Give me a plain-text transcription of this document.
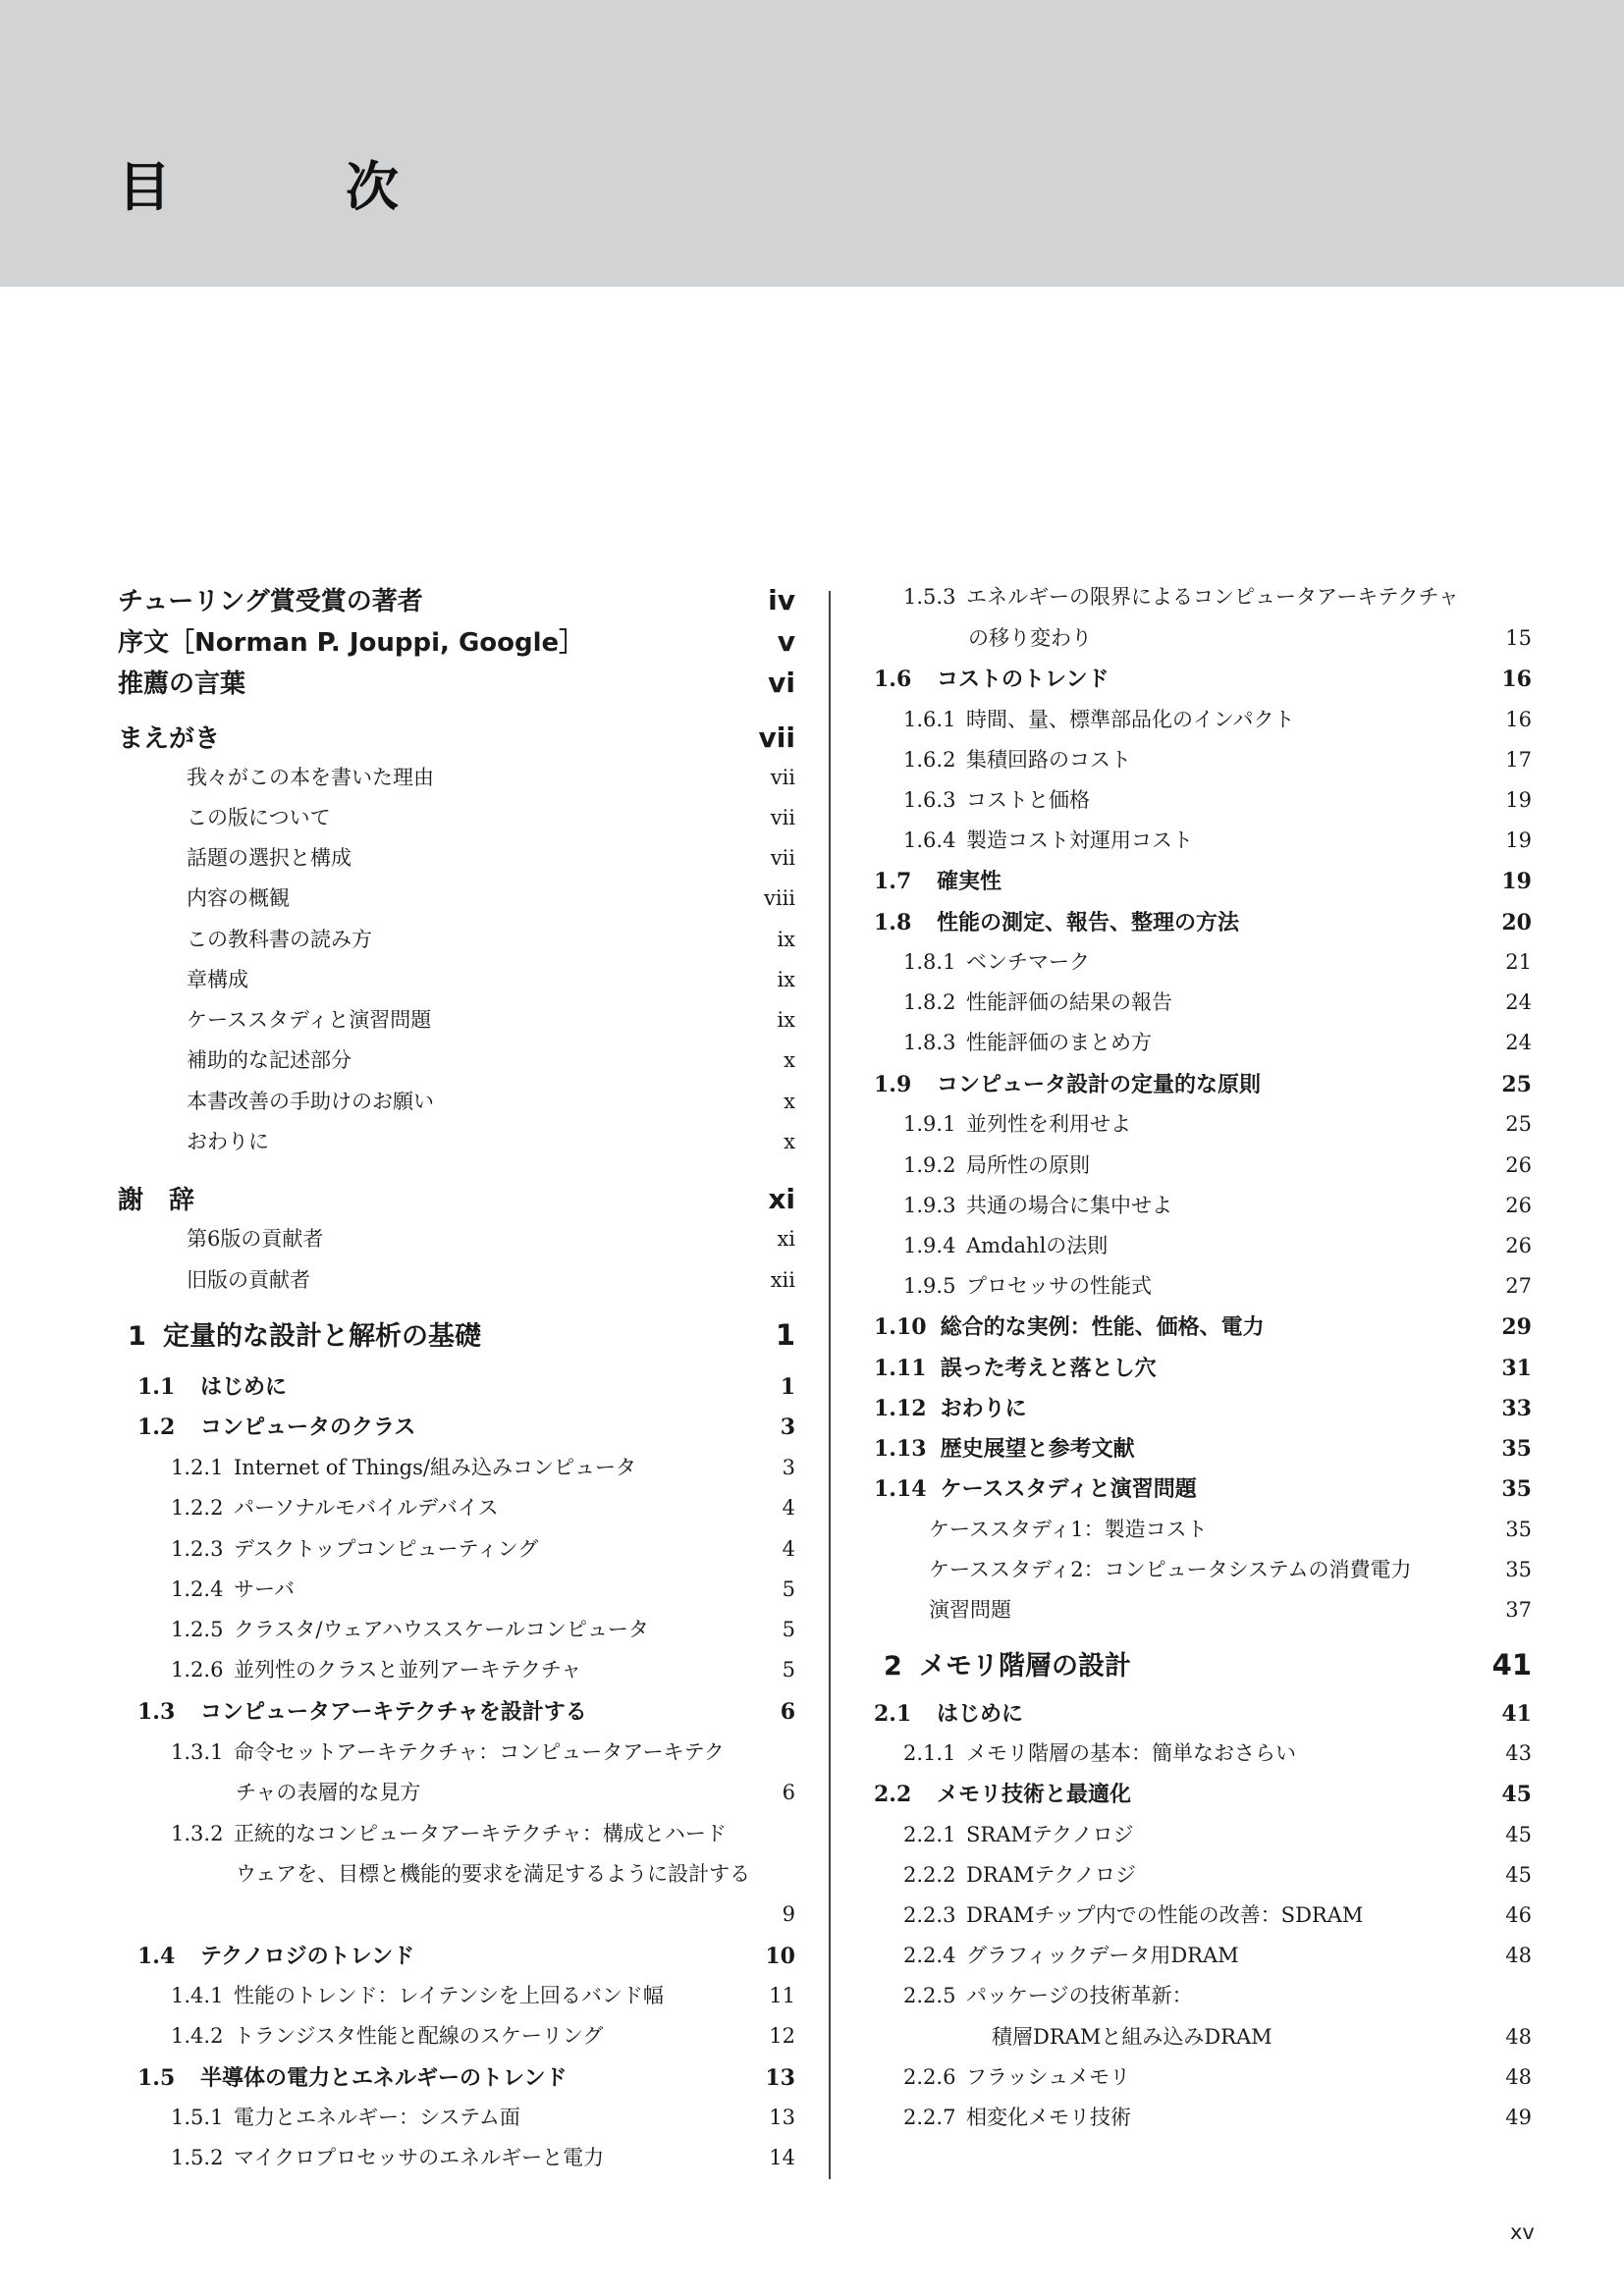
目　次
チューリング賞受賞の著者	iv
序文［Norman P. Jouppi, Google］	v
推薦の言葉	vi
まえがき	vii
我々がこの本を書いた理由	vii
この版について	vii
話題の選択と構成	vii
内容の概観	viii
この教科書の読み方	ix
章構成	ix
ケーススタディと演習問題	ix
補助的な記述部分	x
本書改善の手助けのお願い	x
おわりに	x
謝　辞	xi
第6版の貢献者	xi
旧版の貢献者	xii
1 定量的な設計と解析の基礎	1
1.1 はじめに	1
1.2 コンピュータのクラス	3
1.2.1 Internet of Things/組み込みコンピュータ	3
1.2.2 パーソナルモバイルデバイス	4
1.2.3 デスクトップコンピューティング	4
1.2.4 サーバ	5
1.2.5 クラスタ/ウェアハウススケールコンピュータ	5
1.2.6 並列性のクラスと並列アーキテクチャ	5
1.3 コンピュータアーキテクチャを設計する	6
1.3.1 命令セットアーキテクチャ：コンピュータアーキテク
チャの表層的な見方	6
1.3.2 正統的なコンピュータアーキテクチャ：構成とハード
ウェアを、目標と機能的要求を満足するように設計する
9
1.4 テクノロジのトレンド	10
1.4.1 性能のトレンド：レイテンシを上回るバンド幅	11
1.4.2 トランジスタ性能と配線のスケーリング	12
1.5 半導体の電力とエネルギーのトレンド	13
1.5.1 電力とエネルギー：システム面	13
1.5.2 マイクロプロセッサのエネルギーと電力	14
1.5.3 エネルギーの限界によるコンピュータアーキテクチャ
の移り変わり	15
1.6 コストのトレンド	16
1.6.1 時間、量、標準部品化のインパクト	16
1.6.2 集積回路のコスト	17
1.6.3 コストと価格	19
1.6.4 製造コスト対運用コスト	19
1.7 確実性	19
1.8 性能の測定、報告、整理の方法	20
1.8.1 ベンチマーク	21
1.8.2 性能評価の結果の報告	24
1.8.3 性能評価のまとめ方	24
1.9 コンピュータ設計の定量的な原則	25
1.9.1 並列性を利用せよ	25
1.9.2 局所性の原則	26
1.9.3 共通の場合に集中せよ	26
1.9.4 Amdahlの法則	26
1.9.5 プロセッサの性能式	27
1.10 総合的な実例：性能、価格、電力	29
1.11 誤った考えと落とし穴	31
1.12 おわりに	33
1.13 歴史展望と参考文献	35
1.14 ケーススタディと演習問題	35
ケーススタディ1：製造コスト	35
ケーススタディ2：コンピュータシステムの消費電力	35
演習問題	37
2 メモリ階層の設計	41
2.1 はじめに	41
2.1.1 メモリ階層の基本：簡単なおさらい	43
2.2 メモリ技術と最適化	45
2.2.1 SRAMテクノロジ	45
2.2.2 DRAMテクノロジ	45
2.2.3 DRAMチップ内での性能の改善：SDRAM	46
2.2.4 グラフィックデータ用DRAM	48
2.2.5 パッケージの技術革新：
積層DRAMと組み込みDRAM	48
2.2.6 フラッシュメモリ	48
2.2.7 相変化メモリ技術	49
xv
